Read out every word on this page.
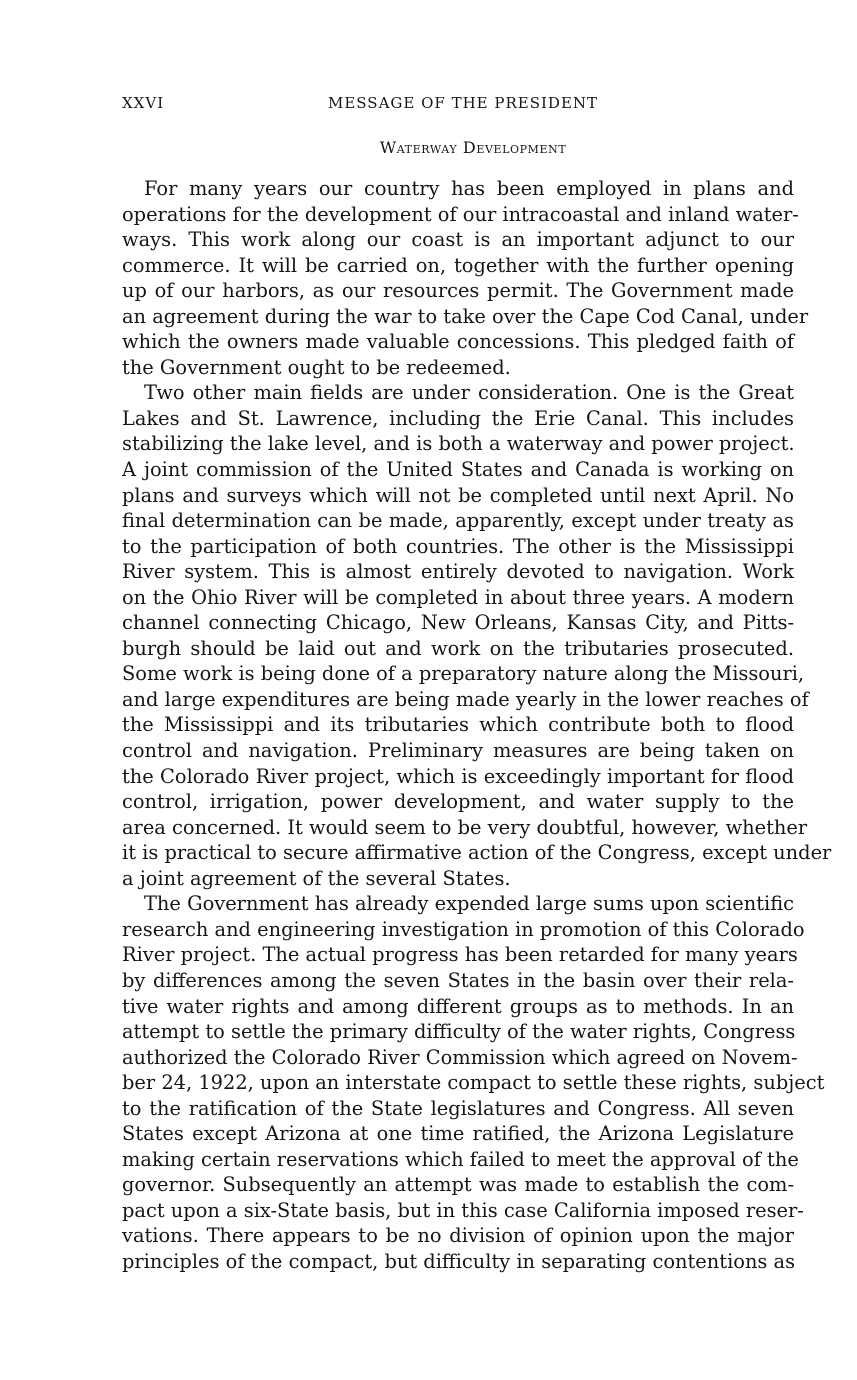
XXVI	MESSAGE OF THE PRESIDENT
Waterway Development
For many years our country has been employed in plans and
operations for the development of our intracoastal and inland water-
ways. This work along our coast is an important adjunct to our
commerce. It will be carried on, together with the further opening
up of our harbors, as our resources permit. The Government made
an agreement during the war to take over the Cape Cod Canal, under
which the owners made valuable concessions. This pledged faith of
the Government ought to be redeemed.
Two other main fields are under consideration. One is the Great
Lakes and St. Lawrence, including the Erie Canal. This includes
stabilizing the lake level, and is both a waterway and power project.
A joint commission of the United States and Canada is working on
plans and surveys which will not be completed until next April. No
final determination can be made, apparently, except under treaty as
to the participation of both countries. The other is the Mississippi
River system. This is almost entirely devoted to navigation. Work
on the Ohio River will be completed in about three years. A modern
channel connecting Chicago, New Orleans, Kansas City, and Pitts-
burgh should be laid out and work on the tributaries prosecuted.
Some work is being done of a preparatory nature along the Missouri,
and large expenditures are being made yearly in the lower reaches of
the Mississippi and its tributaries which contribute both to flood
control and navigation. Preliminary measures are being taken on
the Colorado River project, which is exceedingly important for flood
control, irrigation, power development, and water supply to the
area concerned. It would seem to be very doubtful, however, whether
it is practical to secure affirmative action of the Congress, except under
a joint agreement of the several States.
The Government has already expended large sums upon scientific
research and engineering investigation in promotion of this Colorado
River project. The actual progress has been retarded for many years
by differences among the seven States in the basin over their rela-
tive water rights and among different groups as to methods. In an
attempt to settle the primary difficulty of the water rights, Congress
authorized the Colorado River Commission which agreed on Novem-
ber 24, 1922, upon an interstate compact to settle these rights, subject
to the ratification of the State legislatures and Congress. All seven
States except Arizona at one time ratified, the Arizona Legislature
making certain reservations which failed to meet the approval of the
governor. Subsequently an attempt was made to establish the com-
pact upon a six-State basis, but in this case California imposed reser-
vations. There appears to be no division of opinion upon the major
principles of the compact, but difficulty in separating contentions as
